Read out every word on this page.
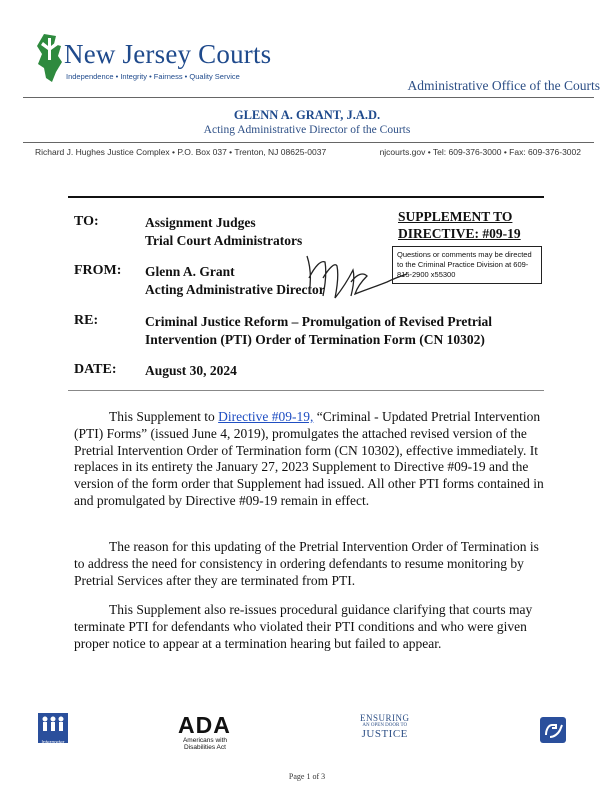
New Jersey Courts
Independence • Integrity • Fairness • Quality Service
Administrative Office of the Courts
GLENN A. GRANT, J.A.D.
Acting Administrative Director of the Courts
Richard J. Hughes Justice Complex • P.O. Box 037 • Trenton, NJ 08625-0037	njcourts.gov • Tel: 609-376-3000 • Fax: 609-376-3002
TO:	Assignment Judges
Trial Court Administrators
SUPPLEMENT TO
DIRECTIVE: #09-19
Questions or comments may be directed to the Criminal Practice Division at 609-815-2900 x55300
FROM: Glenn A. Grant
Acting Administrative Director
RE:	Criminal Justice Reform – Promulgation of Revised Pretrial
Intervention (PTI) Order of Termination Form (CN 10302)
DATE: August 30, 2024
This Supplement to Directive #09-19, “Criminal - Updated Pretrial Intervention (PTI) Forms” (issued June 4, 2019), promulgates the attached revised version of the Pretrial Intervention Order of Termination form (CN 10302), effective immediately. It replaces in its entirety the January 27, 2023 Supplement to Directive #09-19 and the version of the form order that Supplement had issued. All other PTI forms contained in and promulgated by Directive #09-19 remain in effect.
The reason for this updating of the Pretrial Intervention Order of Termination is to address the need for consistency in ordering defendants to resume monitoring by Pretrial Services after they are terminated from PTI.
This Supplement also re-issues procedural guidance clarifying that courts may terminate PTI for defendants who violated their PTI conditions and who were given proper notice to appear at a termination hearing but failed to appear.
Interpreter
ADA
Americans with Disabilities Act
ENSURING
AN OPEN DOOR TO
JUSTICE
Page 1 of 3
